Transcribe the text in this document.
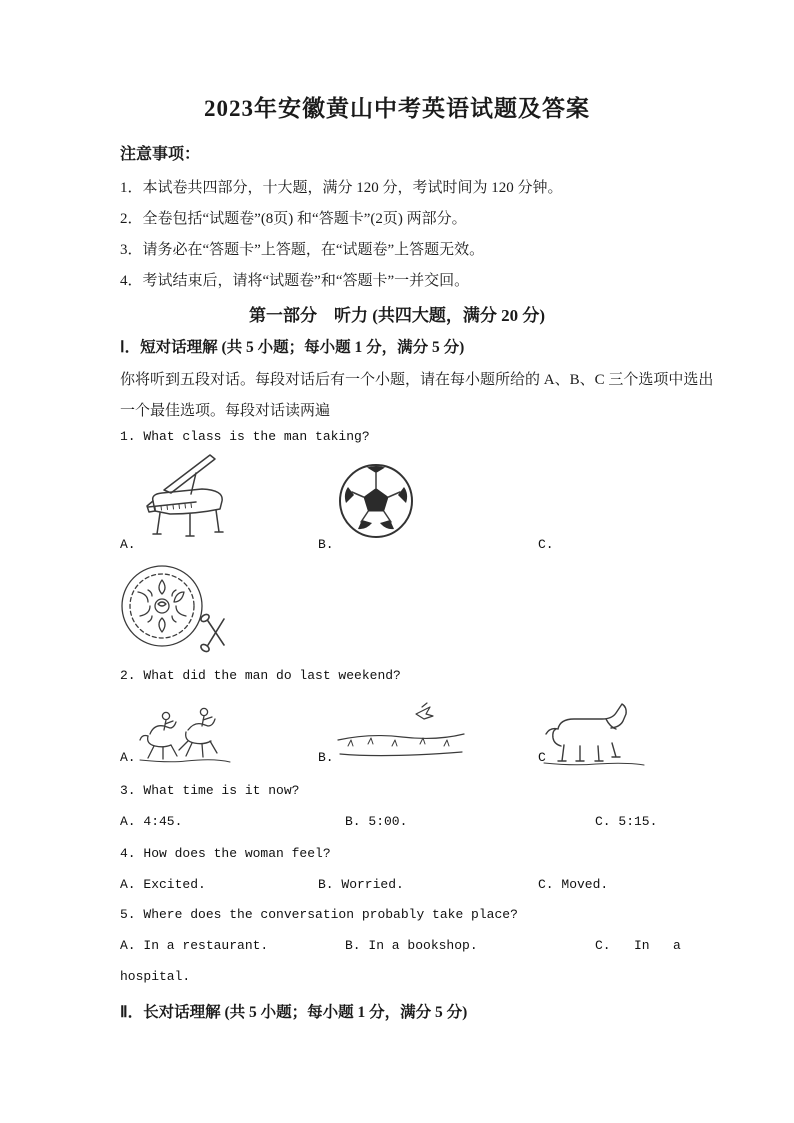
2023年安徽黄山中考英语试题及答案
注意事项：
1．本试卷共四部分，十大题，满分 120 分，考试时间为 120 分钟。
2．全卷包括“试题卷”(8页) 和“答题卡”(2页) 两部分。
3．请务必在“答题卡”上答题，在“试题卷”上答题无效。
4．考试结束后，请将“试题卷”和“答题卡”一并交回。
第一部分　听力 (共四大题，满分 20 分)
Ⅰ．短对话理解 (共 5 小题；每小题 1 分，满分 5 分)
你将听到五段对话。每段对话后有一个小题，请在每小题所给的 A、B、C 三个选项中选出
一个最佳选项。每段对话读两遍
1. What class is the man taking?
A.	B.	C.
2. What did the man do last weekend?
A.	B.	C
3. What time is it now?
A. 4:45.	B. 5:00.	C. 5:15.
4. How does the woman feel?
A. Excited.	B. Worried.	C. Moved.
5. Where does the conversation probably take place?
A. In a restaurant.	B. In a bookshop.	C.   In   a
hospital.
Ⅱ．长对话理解 (共 5 小题；每小题 1 分，满分 5 分)
